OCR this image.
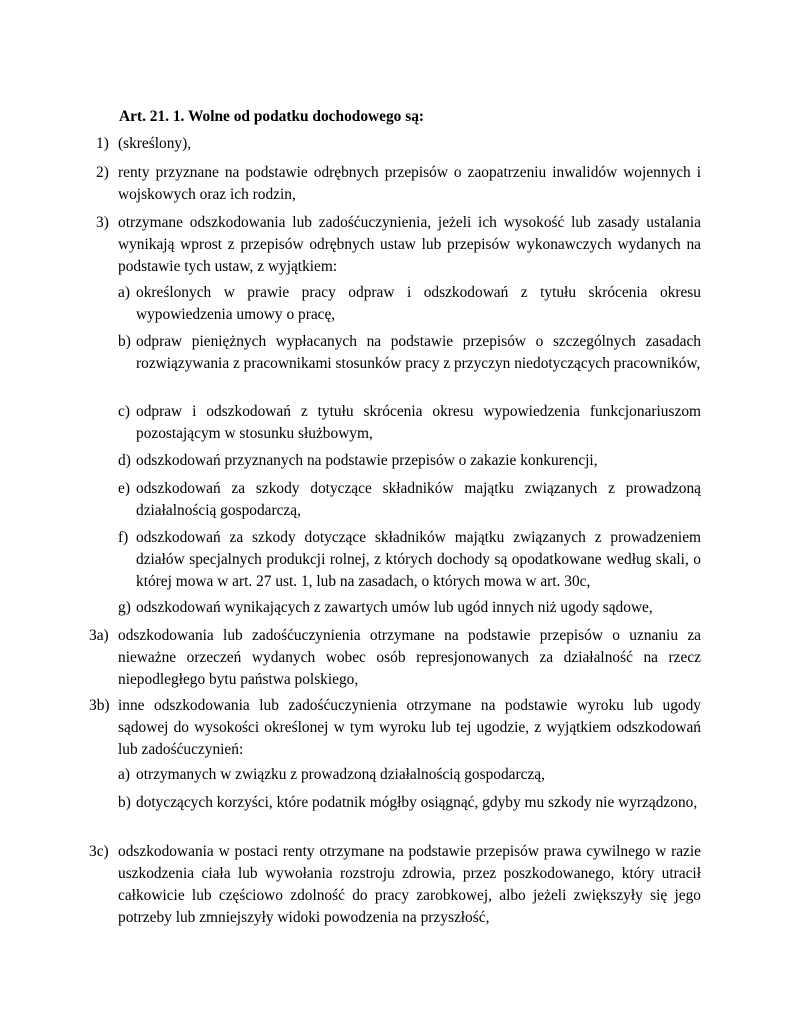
Art. 21. 1. Wolne od podatku dochodowego są:
1) (skreślony),
2) renty przyznane na podstawie odrębnych przepisów o zaopatrzeniu inwalidów wojennych i wojskowych oraz ich rodzin,
3) otrzymane odszkodowania lub zadośćuczynienia, jeżeli ich wysokość lub zasady ustalania wynikają wprost z przepisów odrębnych ustaw lub przepisów wykonawczych wydanych na podstawie tych ustaw, z wyjątkiem:
a) określonych w prawie pracy odpraw i odszkodowań z tytułu skrócenia okresu wypowiedzenia umowy o pracę,
b) odpraw pieniężnych wypłacanych na podstawie przepisów o szczególnych zasadach rozwiązywania z pracownikami stosunków pracy z przyczyn niedotyczących pracowników,
c) odpraw i odszkodowań z tytułu skrócenia okresu wypowiedzenia funkcjonariuszom pozostającym w stosunku służbowym,
d) odszkodowań przyznanych na podstawie przepisów o zakazie konkurencji,
e) odszkodowań za szkody dotyczące składników majątku związanych z prowadzoną działalnością gospodarczą,
f) odszkodowań za szkody dotyczące składników majątku związanych z prowadzeniem działów specjalnych produkcji rolnej, z których dochody są opodatkowane według skali, o której mowa w art. 27 ust. 1, lub na zasadach, o których mowa w art. 30c,
g) odszkodowań wynikających z zawartych umów lub ugód innych niż ugody sądowe,
3a) odszkodowania lub zadośćuczynienia otrzymane na podstawie przepisów o uznaniu za nieważne orzeczeń wydanych wobec osób represjonowanych za działalność na rzecz niepodległego bytu państwa polskiego,
3b) inne odszkodowania lub zadośćuczynienia otrzymane na podstawie wyroku lub ugody sądowej do wysokości określonej w tym wyroku lub tej ugodzie, z wyjątkiem odszkodowań lub zadośćuczynień:
a) otrzymanych w związku z prowadzoną działalnością gospodarczą,
b) dotyczących korzyści, które podatnik mógłby osiągnąć, gdyby mu szkody nie wyrządzono,
3c) odszkodowania w postaci renty otrzymane na podstawie przepisów prawa cywilnego w razie uszkodzenia ciała lub wywołania rozstroju zdrowia, przez poszkodowanego, który utracił całkowicie lub częściowo zdolność do pracy zarobkowej, albo jeżeli zwiększyły się jego potrzeby lub zmniejszyły widoki powodzenia na przyszłość,
